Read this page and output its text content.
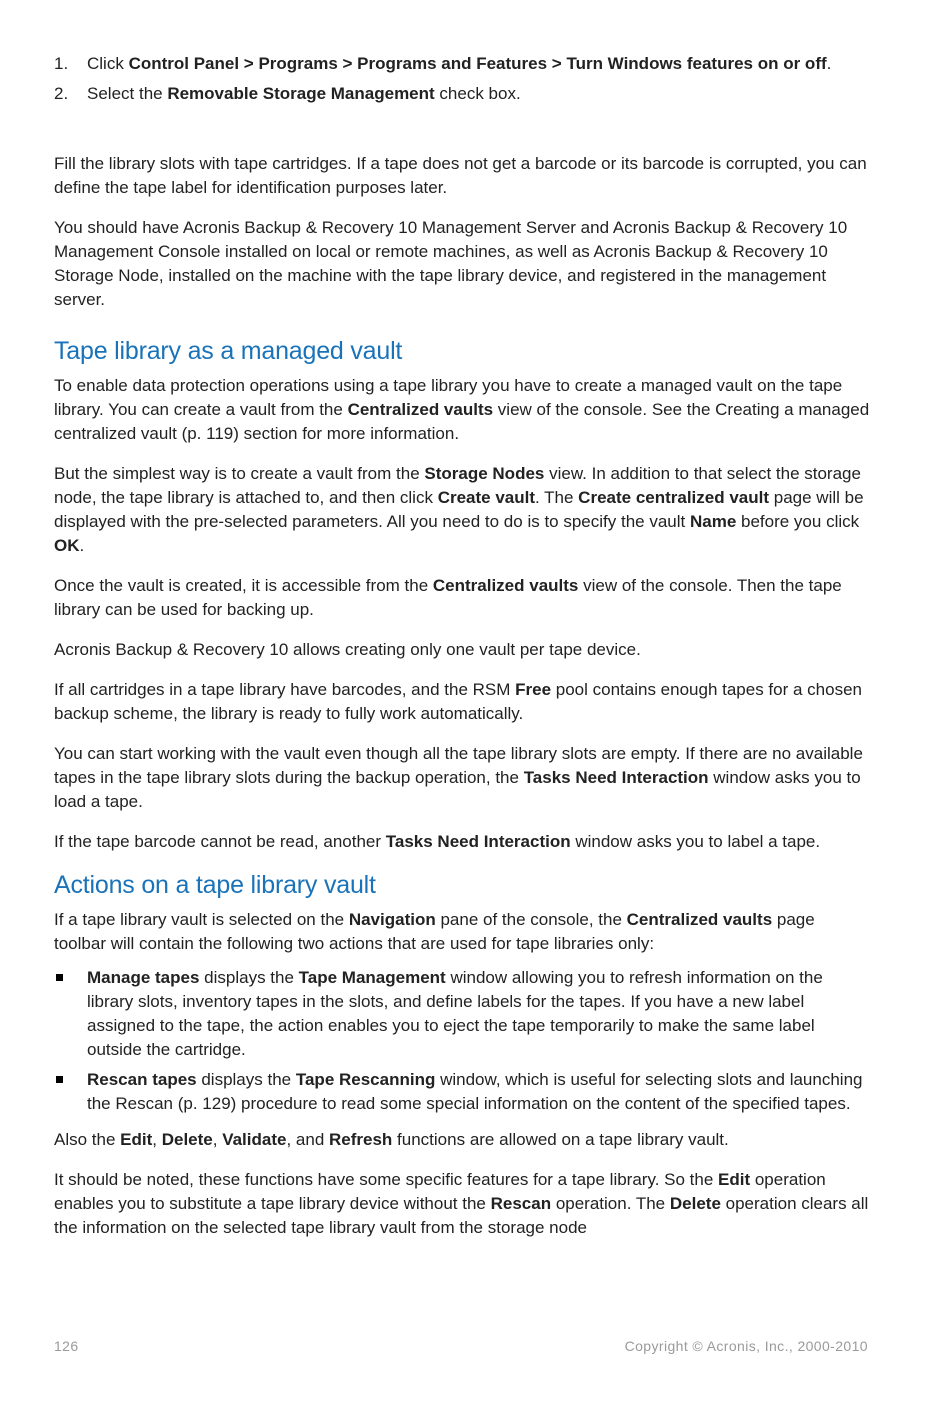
1.	Click Control Panel > Programs > Programs and Features > Turn Windows features on or off.

2.	Select the Removable Storage Management check box.

Fill the library slots with tape cartridges. If a tape does not get a barcode or its barcode is corrupted, you can define the tape label for identification purposes later.

You should have Acronis Backup & Recovery 10 Management Server and Acronis Backup & Recovery 10 Management Console installed on local or remote machines, as well as Acronis Backup & Recovery 10 Storage Node, installed on the machine with the tape library device, and registered in the management server.

Tape library as a managed vault

To enable data protection operations using a tape library you have to create a managed vault on the tape library. You can create a vault from the Centralized vaults view of the console. See the Creating a managed centralized vault (p. 119) section for more information.

But the simplest way is to create a vault from the Storage Nodes view. In addition to that select the storage node, the tape library is attached to, and then click Create vault. The Create centralized vault page will be displayed with the pre-selected parameters. All you need to do is to specify the vault Name before you click OK.

Once the vault is created, it is accessible from the Centralized vaults view of the console. Then the tape library can be used for backing up.

Acronis Backup & Recovery 10 allows creating only one vault per tape device.

If all cartridges in a tape library have barcodes, and the RSM Free pool contains enough tapes for a chosen backup scheme, the library is ready to fully work automatically.

You can start working with the vault even though all the tape library slots are empty. If there are no available tapes in the tape library slots during the backup operation, the Tasks Need Interaction window asks you to load a tape.

If the tape barcode cannot be read, another Tasks Need Interaction window asks you to label a tape.

Actions on a tape library vault

If a tape library vault is selected on the Navigation pane of the console, the Centralized vaults page toolbar will contain the following two actions that are used for tape libraries only:

Manage tapes displays the Tape Management window allowing you to refresh information on the library slots, inventory tapes in the slots, and define labels for the tapes. If you have a new label assigned to the tape, the action enables you to eject the tape temporarily to make the same label outside the cartridge.

Rescan tapes displays the Tape Rescanning window, which is useful for selecting slots and launching the Rescan (p. 129) procedure to read some special information on the content of the specified tapes.

Also the Edit, Delete, Validate, and Refresh functions are allowed on a tape library vault.

It should be noted, these functions have some specific features for a tape library. So the Edit operation enables you to substitute a tape library device without the Rescan operation. The Delete operation clears all the information on the selected tape library vault from the storage node

126	Copyright © Acronis, Inc., 2000-2010
